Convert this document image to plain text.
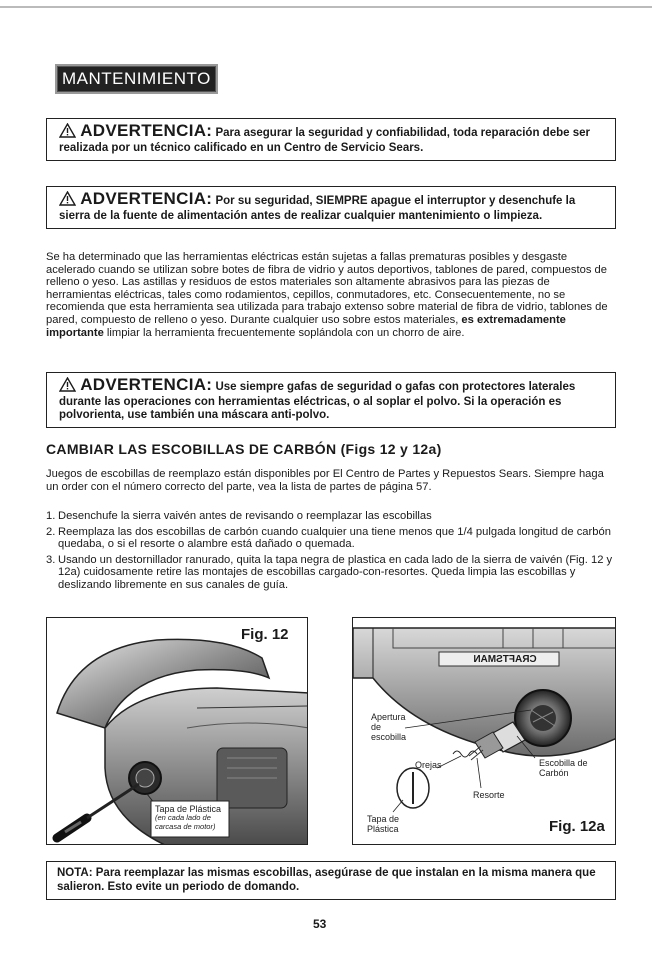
MANTENIMIENTO
ADVERTENCIA: Para asegurar la seguridad y confiabilidad, toda reparación debe ser realizada por un técnico calificado en un Centro de Servicio Sears.
ADVERTENCIA: Por su seguridad, SIEMPRE apague el interruptor y desenchufe la sierra de la fuente de alimentación antes de realizar cualquier mantenimiento o limpieza.
Se ha determinado que las herramientas eléctricas están sujetas a fallas prematuras posibles y desgaste acelerado cuando se utilizan sobre botes de fibra de vidrio y autos deportivos, tablones de pared, compuestos de relleno o yeso. Las astillas y residuos de estos materiales son altamente abrasivos para las piezas de herramientas eléctricas, tales como rodamientos, cepillos, conmutadores, etc. Consecuentemente, no se recomienda que esta herramienta sea utilizada para trabajo extenso sobre material de fibra de vidrio, tablones de pared, compuesto de relleno o yeso. Durante cualquier uso sobre estos materiales, es extremadamente importante limpiar la herramienta frecuentemente soplándola con un chorro de aire.
ADVERTENCIA: Use siempre gafas de seguridad o gafas con protectores laterales durante las operaciones con herramientas eléctricas, o al soplar el polvo. Si la operación es polvorienta, use también una máscara anti-polvo.
CAMBIAR LAS ESCOBILLAS DE CARBÓN (Figs 12 y 12a)
Juegos de escobillas de reemplazo están disponibles por El Centro de Partes y Repuestos Sears. Siempre haga un order con el número correcto del parte, vea la lista de partes de página 57.
1. Desenchufe la sierra vaivén antes de revisando o reemplazar las escobillas
2. Reemplaza las dos escobillas de carbón cuando cualquier una tiene menos que 1/4 pulgada longitud de carbón quedaba, o si el resorte o alambre está dañado o quemada.
3. Usando un destornillador ranurado, quita la tapa negra de plastica en cada lado de la sierra de vaivén (Fig. 12 y 12a) cuidosamente retire las montajes de escobillas cargado-con-resortes. Queda limpia las escobillas y deslizando libremente en sus canales de guía.
Fig. 12
Tapa de Plástica
(en cada lado de carcasa de motor)
CRAFTSMAN
Apertura de escobilla
Escobilla de Carbón
Orejas
Resorte
Tapa de Plástica	Fig. 12a
NOTA: Para reemplazar las mismas escobillas, asegúrase de que instalan en la misma manera que salieron. Esto evite un periodo de domando.
53
